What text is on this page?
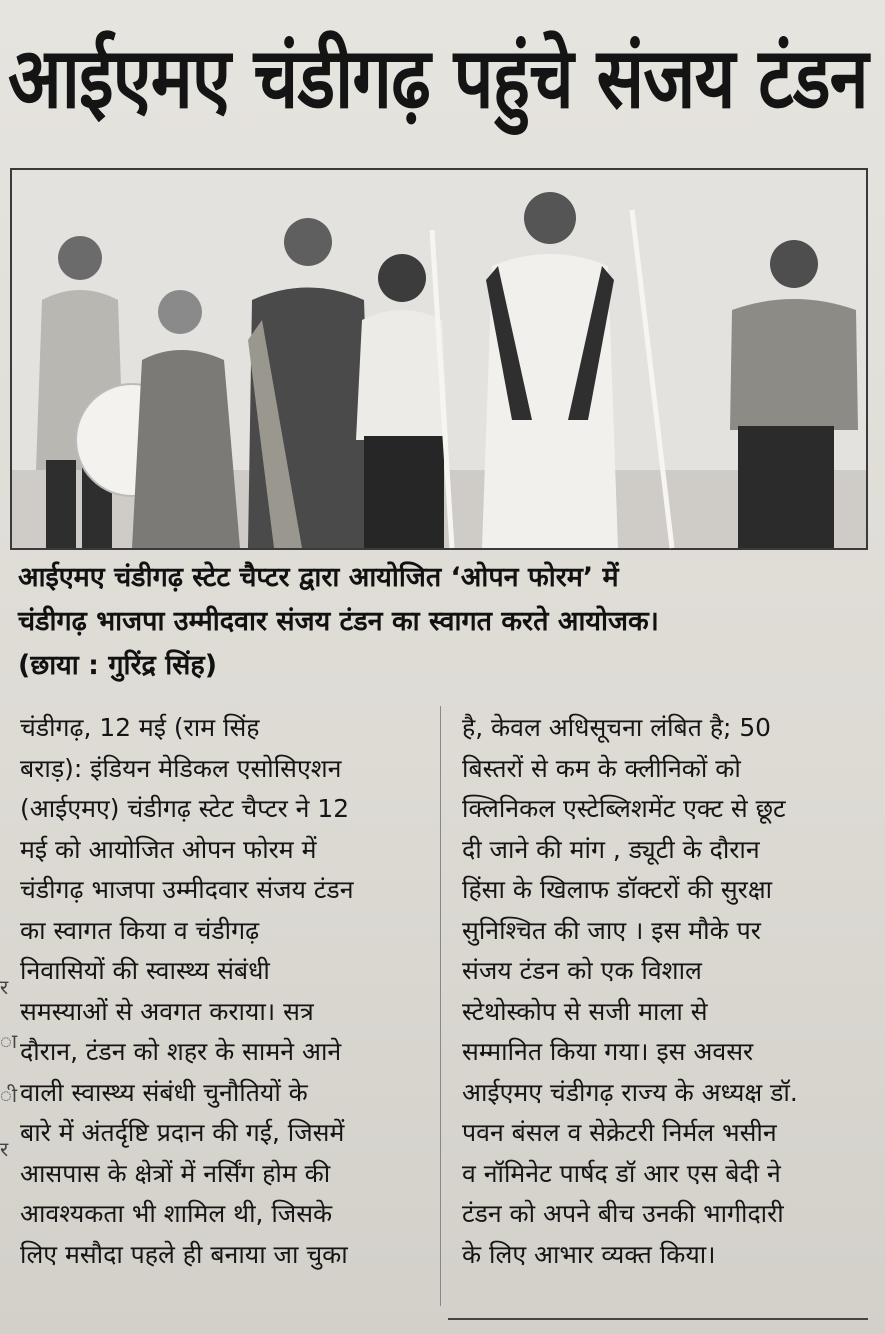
आईएमए चंडीगढ़ पहुंचे संजय टंडन

आईएमए चंडीगढ़ स्टेट चैप्टर द्वारा आयोजित ‘ओपन फोरम’ में

चंडीगढ़ भाजपा उम्मीदवार संजय टंडन का स्वागत करते आयोजक।

(छाया : गुरिंद्र सिंह)

चंडीगढ़, 12 मई (राम सिंह

बराड़): इंडियन मेडिकल एसोसिएशन

(आईएमए) चंडीगढ़ स्टेट चैप्टर ने 12

मई को आयोजित ओपन फोरम में

चंडीगढ़ भाजपा उम्मीदवार संजय टंडन

का स्वागत किया व चंडीगढ़

निवासियों की स्वास्थ्य संबंधी

समस्याओं से अवगत कराया। सत्र

दौरान, टंडन को शहर के सामने आने

वाली स्वास्थ्य संबंधी चुनौतियों के

बारे में अंतर्दृष्टि प्रदान की गई, जिसमें

आसपास के क्षेत्रों में नर्सिंग होम की

आवश्यकता भी शामिल थी, जिसके

लिए मसौदा पहले ही बनाया जा चुका

है, केवल अधिसूचना लंबित है; 50

बिस्तरों से कम के क्लीनिकों को

क्लिनिकल एस्टेब्लिशमेंट एक्ट से छूट

दी जाने की मांग , ड्यूटी के दौरान

हिंसा के खिलाफ डॉक्टरों की सुरक्षा

सुनिश्चित की जाए । इस मौके पर

संजय टंडन को एक विशाल

स्टेथोस्कोप से सजी माला से

सम्मानित किया गया। इस अवसर

आईएमए चंडीगढ़ राज्य के अध्यक्ष डॉ.

पवन बंसल व सेक्रेटरी निर्मल भसीन

व नॉमिनेट पार्षद डॉ आर एस बेदी ने

टंडन को अपने बीच उनकी भागीदारी

के लिए आभार व्यक्त किया।

र
ा
ी
र
